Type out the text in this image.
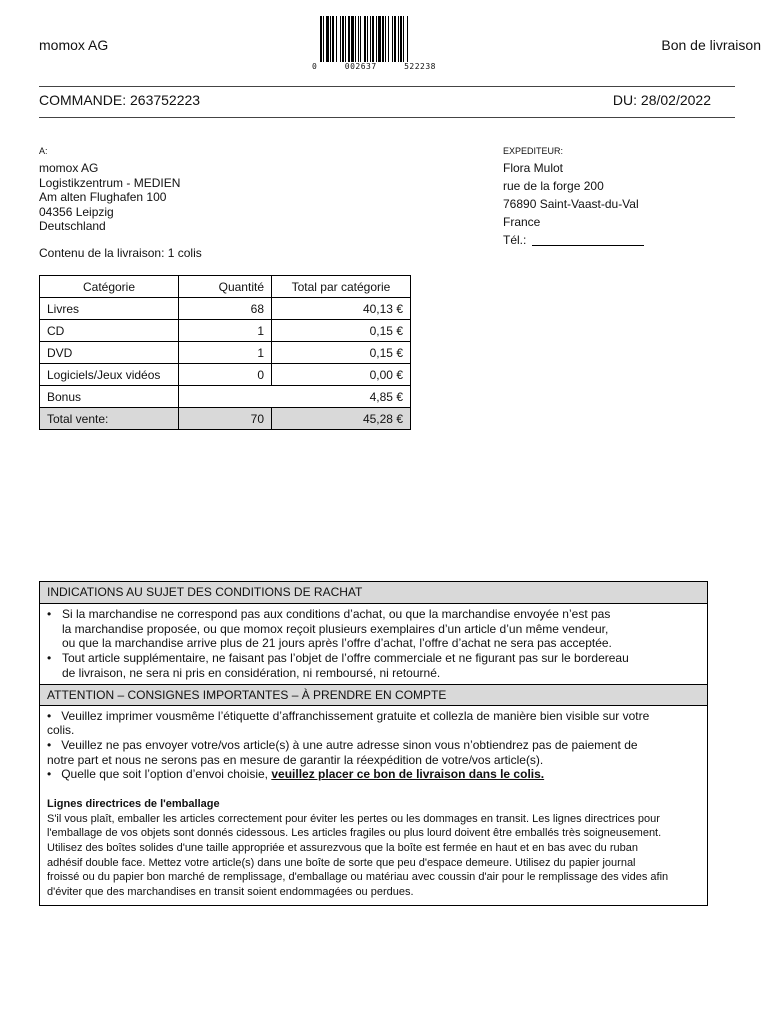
momox AG
0	002637	522238
Bon de livraison
COMMANDE: 263752223	DU: 28/02/2022
A:
momox AG
Logistikzentrum - MEDIEN
Am alten Flughafen 100
04356 Leipzig
Deutschland
Contenu de la livraison: 1 colis
EXPEDITEUR:
Flora Mulot
rue de la forge 200
76890 Saint-Vaast-du-Val
France
Tél.:
Catégorie	Quantité	Total par catégorie
Livres	68	40,13 €
CD	1	0,15 €
DVD	1	0,15 €
Logiciels/Jeux vidéos	0	0,00 €
Bonus	4,85 €	
Total vente:	70	45,28 €
INDICATIONS AU SUJET DES CONDITIONS DE RACHAT
• Si la marchandise ne correspond pas aux conditions d’achat, ou que la marchandise envoyée n’est pas
la marchandise proposée, ou que momox reçoit plusieurs exemplaires d’un article d’un même vendeur,
ou que la marchandise arrive plus de 21 jours après l’offre d’achat, l’offre d’achat ne sera pas acceptée.
• Tout article supplémentaire, ne faisant pas l’objet de l’offre commerciale et ne figurant pas sur le bordereau
de livraison, ne sera ni pris en considération, ni remboursé, ni retourné.
ATTENTION – CONSIGNES IMPORTANTES – À PRENDRE EN COMPTE
•   Veuillez imprimer vousmême l’étiquette d’affranchissement gratuite et collezla de manière bien visible sur votre
colis.
•   Veuillez ne pas envoyer votre/vos article(s) à une autre adresse sinon vous n’obtiendrez pas de paiement de
notre part et nous ne serons pas en mesure de garantir la réexpédition de votre/vos article(s).
•   Quelle que soit l’option d’envoi choisie, veuillez placer ce bon de livraison dans le colis.
Lignes directrices de l'emballage
S'il vous plaît, emballer les articles correctement pour éviter les pertes ou les dommages en transit. Les lignes directrices pour
l'emballage de vos objets sont donnés cidessous. Les articles fragiles ou plus lourd doivent être emballés très soigneusement.
Utilisez des boîtes solides d'une taille appropriée et assurezvous que la boîte est fermée en haut et en bas avec du ruban
adhésif double face. Mettez votre article(s) dans une boîte de sorte que peu d'espace demeure. Utilisez du papier journal
froissé ou du papier bon marché de remplissage, d'emballage ou matériau avec coussin d'air pour le remplissage des vides afin
d'éviter que des marchandises en transit soient endommagées ou perdues.
